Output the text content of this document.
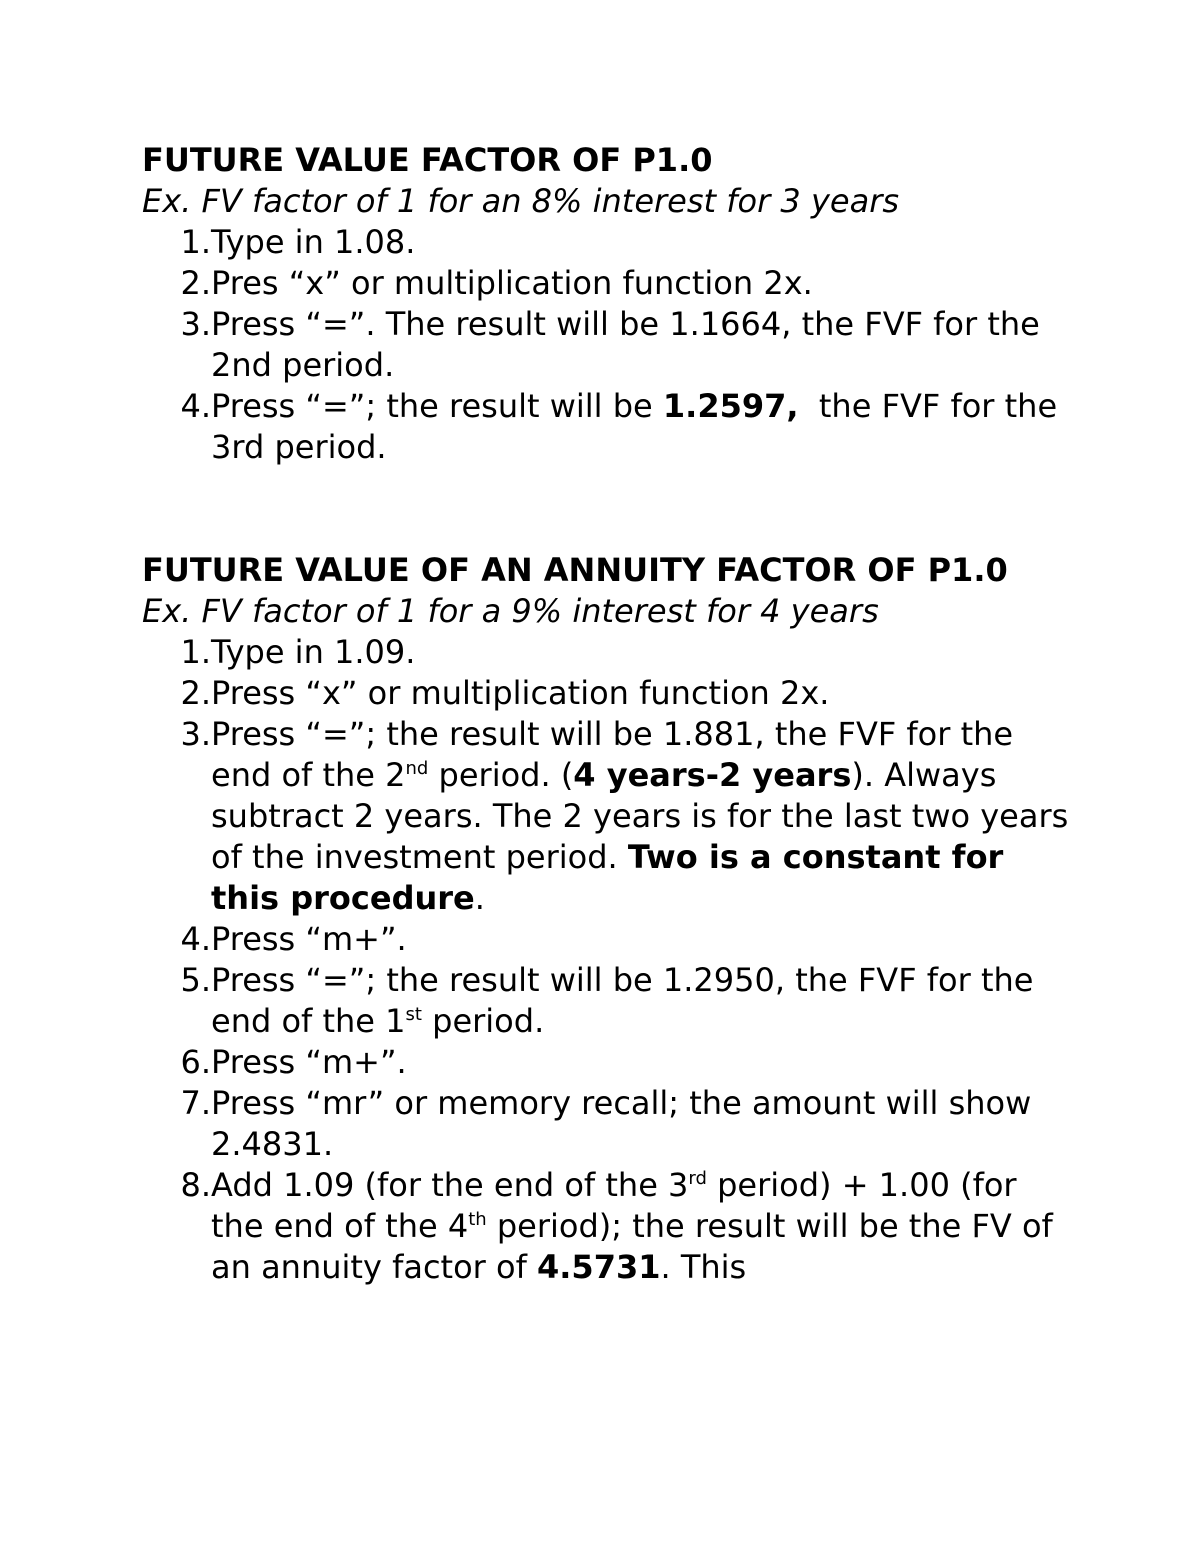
FUTURE VALUE FACTOR OF P1.0

Ex. FV factor of 1 for an 8% interest for 3 years

1. Type in 1.08.
2. Pres “x” or multiplication function 2x.
3. Press “=”. The result will be 1.1664, the FVF for the 2nd period.
4. Press “=”; the result will be 1.2597,  the FVF for the 3rd period.

FUTURE VALUE OF AN ANNUITY FACTOR OF P1.0

Ex. FV factor of 1 for a 9% interest for 4 years

1. Type in 1.09.
2. Press “x” or multiplication function 2x.
3. Press “=”; the result will be 1.881, the FVF for the end of the 2nd period. (4 years-2 years). Always subtract 2 years. The 2 years is for the last two years of the investment period. Two is a constant for this procedure.
4. Press “m+”.
5. Press “=”; the result will be 1.2950, the FVF for the end of the 1st period.
6. Press “m+”.
7. Press “mr” or memory recall; the amount will show 2.4831.
8. Add 1.09 (for the end of the 3rd period) + 1.00 (for the end of the 4th period); the result will be the FV of an annuity factor of 4.5731. This
